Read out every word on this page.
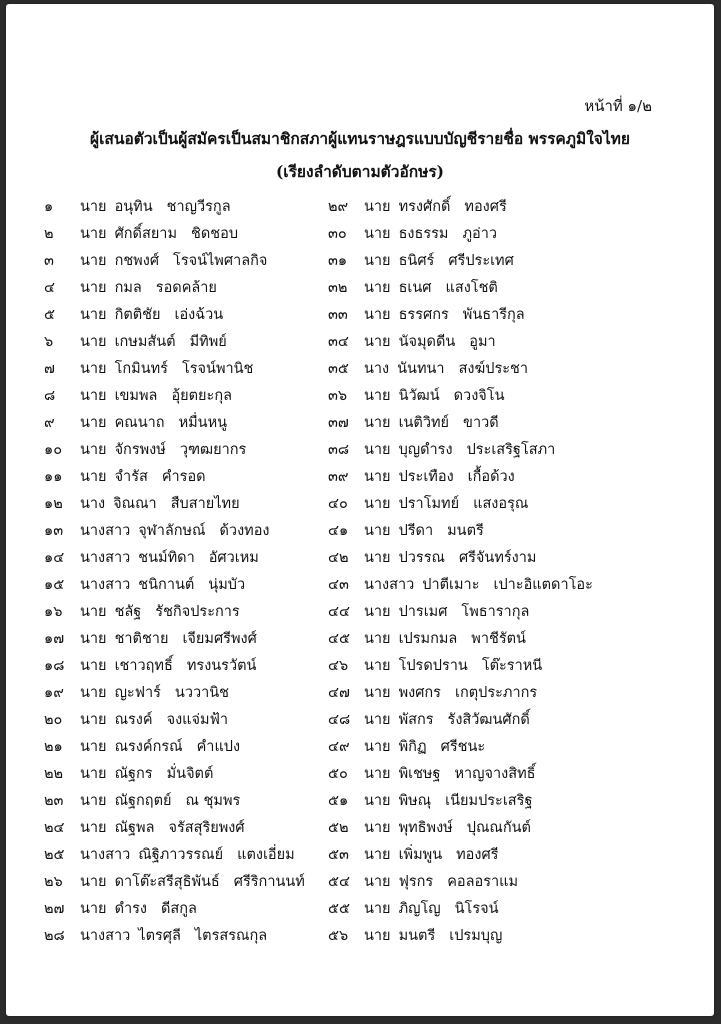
หน้าที่ ๑/๒
ผู้เสนอตัวเป็นผู้สมัครเป็นสมาชิกสภาผู้แทนราษฎรแบบบัญชีรายชื่อ พรรคภูมิใจไทย
(เรียงลำดับตามตัวอักษร)
๑	นาย อนุทิน ชาญวีรกูล
๒	นาย ศักดิ์สยาม ชิดชอบ
๓	นาย กชพงศ์ โรจน์ไพศาลกิจ
๔	นาย กมล รอดคล้าย
๕	นาย กิตติชัย เอ่งฉ้วน
๖	นาย เกษมสันต์ มีทิพย์
๗	นาย โกมินทร์ โรจน์พานิช
๘	นาย เขมพล อุ้ยตยะกุล
๙	นาย คณนาถ หมื่นหนู
๑๐	นาย จักรพงษ์ วุฑฒยากร
๑๑	นาย จำรัส คำรอด
๑๒	นาง จิณณา สืบสายไทย
๑๓	นางสาว จุฬาลักษณ์ ด้วงทอง
๑๔	นางสาว ชนม์ทิดา อัศวเหม
๑๕	นางสาว ชนิกานต์ นุ่มบัว
๑๖	นาย ชลัฐ รัชกิจประการ
๑๗	นาย ชาติชาย เจียมศรีพงศ์
๑๘	นาย เชาวฤทธิ์ ทรงนรวัตน์
๑๙	นาย ญะฟาร์ นววานิช
๒๐	นาย ณรงค์ จงแจ่มฟ้า
๒๑	นาย ณรงค์กรณ์ คำแปง
๒๒	นาย ณัฐกร มั่นจิตต์
๒๓	นาย ณัฐกฤตย์ ณ ชุมพร
๒๔	นาย ณัฐพล จรัสสุริยพงศ์
๒๕	นางสาว ณิฐิภาวรรณย์ แตงเอี่ยม
๒๖	นาย ดาโต๊ะสรีสุธิพันธ์ ศรีริกานนท์
๒๗	นาย ดำรง ดีสกูล
๒๘	นางสาว ไตรศุลี ไตรสรณกุล
๒๙	นาย ทรงศักดิ์ ทองศรี
๓๐	นาย ธงธรรม ภูอ่าว
๓๑	นาย ธนิศร์ ศรีประเทศ
๓๒	นาย ธเนศ แสงโชติ
๓๓	นาย ธรรศกร พันธารีกุล
๓๔	นาย นัจมุดดีน อูมา
๓๕	นาง นันทนา สงฆ์ประชา
๓๖	นาย นิวัฒน์ ดวงจิโน
๓๗	นาย เนติวิทย์ ขาวดี
๓๘	นาย บุญดำรง ประเสริฐโสภา
๓๙	นาย ประเทือง เกื้อด้วง
๔๐	นาย ปราโมทย์ แสงอรุณ
๔๑	นาย ปรีดา มนตรี
๔๒	นาย ปวรรณ ศรีจันทร์งาม
๔๓	นางสาว ปาตีเมาะ เปาะอิแตดาโอะ
๔๔ นาย ปารเมศ โพธารากุล
๔๕ นาย เปรมกมล พาชีรัตน์
๔๖	นาย โปรดปราน โต๊ะราหนี
๔๗ นาย พงศกร เกตุประภากร
๔๘ นาย พัสกร รังสิวัฒนศักดิ์
๔๙ นาย พิกิฏ ศรีชนะ
๕๐	นาย พิเชษฐ หาญจางสิทธิ์
๕๑	นาย พิษณุ เนียมประเสริฐ
๕๒	นาย พุทธิพงษ์ ปุณณกันต์
๕๓	นาย เพิ่มพูน ทองศรี
๕๔ นาย ฟุรกร คอลอราแม
๕๕ นาย ภิญโญ นิโรจน์
๕๖	นาย มนตรี เปรมบุญ
